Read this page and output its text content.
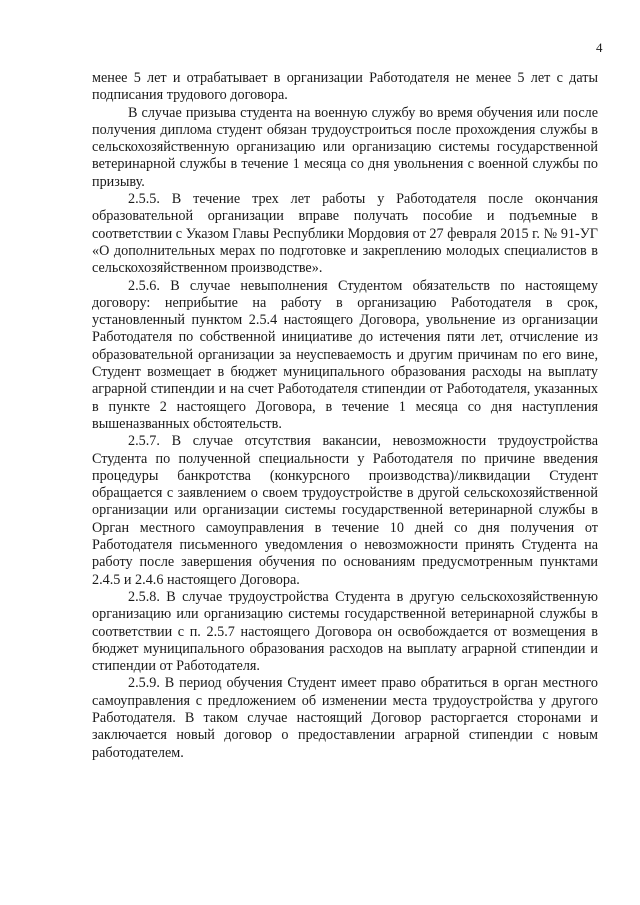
4

менее 5 лет и отрабатывает в организации Работодателя не менее 5 лет с даты подписания трудового договора.

В случае призыва студента на военную службу во время обучения или после получения диплома студент обязан трудоустроиться после прохождения службы в сельскохозяйственную организацию или организацию системы государственной ветеринарной службы в течение 1 месяца со дня увольнения с военной службы по призыву.

2.5.5. В течение трех лет работы у Работодателя после окончания образовательной организации вправе получать пособие и подъемные в соответствии с Указом Главы Республики Мордовия от 27 февраля 2015 г. № 91-УГ «О дополнительных мерах по подготовке и закреплению молодых специалистов в сельскохозяйственном производстве».

2.5.6. В случае невыполнения Студентом обязательств по настоящему договору: неприбытие на работу в организацию Работодателя в срок, установленный пунктом 2.5.4 настоящего Договора, увольнение из организации Работодателя по собственной инициативе до истечения пяти лет, отчисление из образовательной организации за неуспеваемость и другим причинам по его вине, Студент возмещает в бюджет муниципального образования расходы на выплату аграрной стипендии и на счет Работодателя стипендии от Работодателя, указанных в пункте 2 настоящего Договора, в течение 1 месяца со дня наступления вышеназванных обстоятельств.

2.5.7. В случае отсутствия вакансии, невозможности трудоустройства Студента по полученной специальности у Работодателя по причине введения процедуры банкротства (конкурсного производства)/ликвидации Студент обращается с заявлением о своем трудоустройстве в другой сельскохозяйственной организации или организации системы государственной ветеринарной службы в Орган местного самоуправления в течение 10 дней со дня получения от Работодателя письменного уведомления о невозможности принять Студента на работу после завершения обучения по основаниям предусмотренным пунктами 2.4.5 и 2.4.6 настоящего Договора.

2.5.8. В случае трудоустройства Студента в другую сельскохозяйственную организацию или организацию системы государственной ветеринарной службы в соответствии с п. 2.5.7 настоящего Договора он освобождается от возмещения в бюджет муниципального образования расходов на выплату аграрной стипендии и стипендии от Работодателя.

2.5.9. В период обучения Студент имеет право обратиться в орган местного самоуправления с предложением об изменении места трудоустройства у другого Работодателя. В таком случае настоящий Договор расторгается сторонами и заключается новый договор о предоставлении аграрной стипендии с новым работодателем.
